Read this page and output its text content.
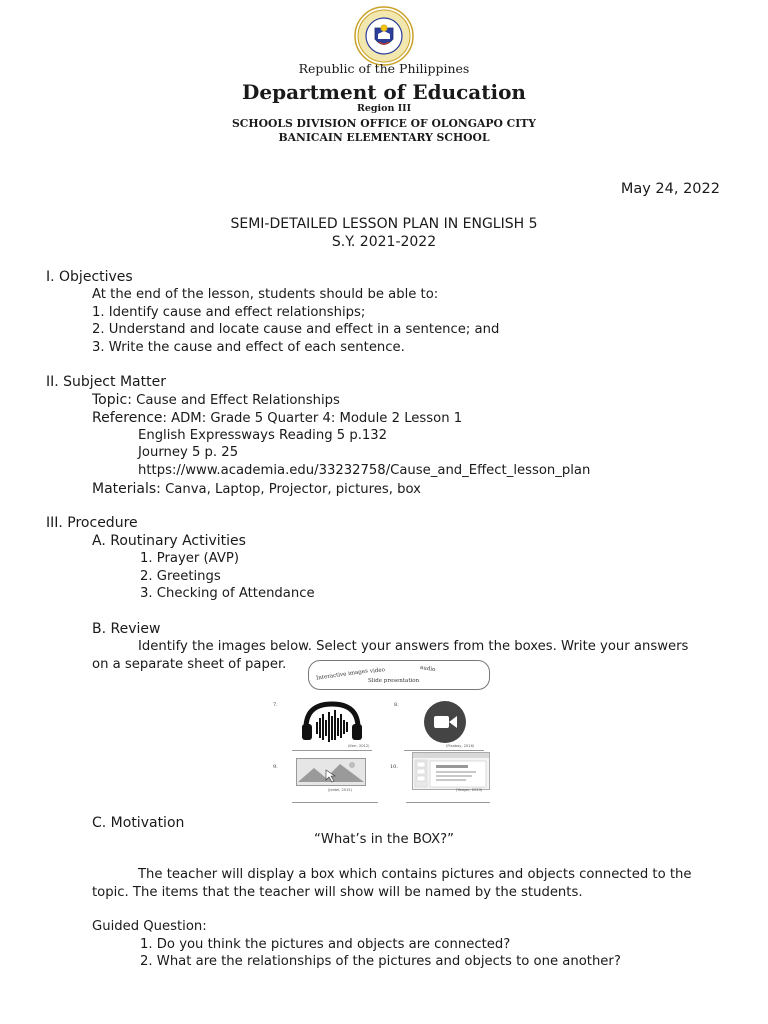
Republic of the Philippines
Department of Education
Region III
SCHOOLS DIVISION OFFICE OF OLONGAPO CITY
BANICAIN ELEMENTARY SCHOOL
May 24, 2022
SEMI-DETAILED LESSON PLAN IN ENGLISH 5
S.Y. 2021-2022
I. Objectives
At the end of the lesson, students should be able to:
1. Identify cause and effect relationships;
2. Understand and locate cause and effect in a sentence; and
3. Write the cause and effect of each sentence.
II. Subject Matter
Topic: Cause and Effect Relationships
Reference: ADM: Grade 5 Quarter 4: Module 2 Lesson 1
English Expressways Reading 5 p.132
Journey 5 p. 25
https://www.academia.edu/33232758/Cause_and_Effect_lesson_plan
Materials: Canva, Laptop, Projector, pictures, box
III. Procedure
A. Routinary Activities
1. Prayer (AVP)
2. Greetings
3. Checking of Attendance
B. Review
Identify the images below. Select your answers from the boxes. Write your answers
on a separate sheet of paper.
Interactive images video	audio
Slide presentation
7.
(Kerr, 2012)
8.
(Pixabay, 2016)
9.
(Jeidel, 2015)
10.
(Yeager, 2013)
C. Motivation
“What’s in the BOX?”
The teacher will display a box which contains pictures and objects connected to the
topic. The items that the teacher will show will be named by the students.
Guided Question:
1. Do you think the pictures and objects are connected?
2. What are the relationships of the pictures and objects to one another?
